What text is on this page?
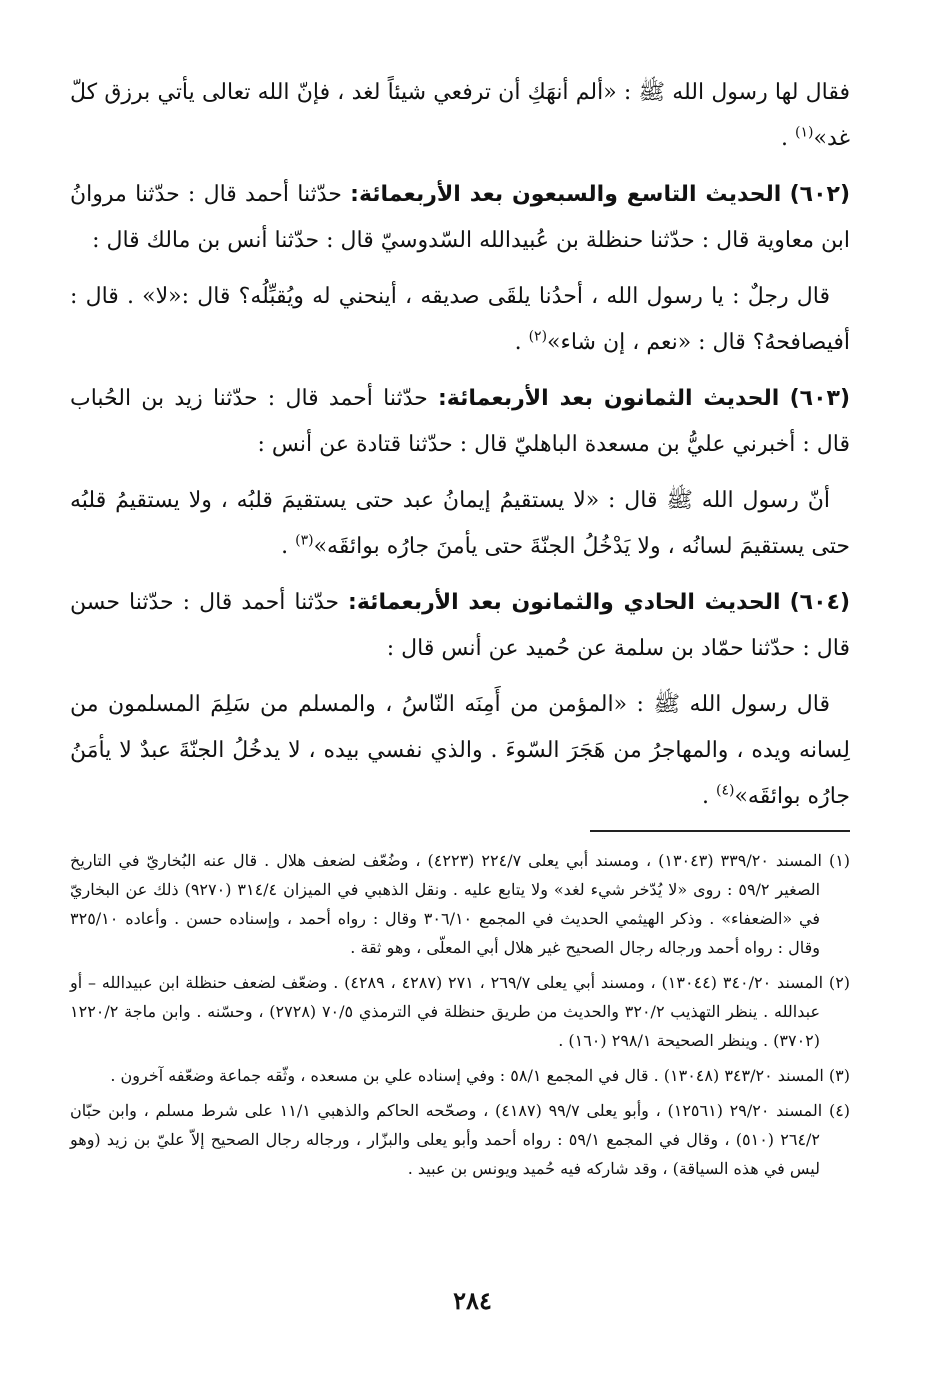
فقال لها رسول الله ﷺ : «ألم أنهَكِ أن ترفعي شيئاً لغد ، فإنّ الله تعالى يأتي برزق كلّ غد»$^{(١)}$ .

(٦٠٢) الحديث التاسع والسبعون بعد الأربعمائة: حدّثنا أحمد قال : حدّثنا مروانُ ابن معاوية قال : حدّثنا حنظلة بن عُبيدالله السّدوسيّ قال : حدّثنا أنس بن مالك قال :

قال رجلٌ : يا رسول الله ، أحدُنا يلقَى صديقه ، أينحني له ويُقبِّلُه؟ قال :«لا» . قال : أفيصافحهُ؟ قال : «نعم ، إن شاء»$^{(٢)}$ .

(٦٠٣) الحديث الثمانون بعد الأربعمائة: حدّثنا أحمد قال : حدّثنا زيد بن الحُباب قال : أخبرني عليُّ بن مسعدة الباهليّ قال : حدّثنا قتادة عن أنس :

أنّ رسول الله ﷺ قال : «لا يستقيمُ إيمانُ عبد حتى يستقيمَ قلبُه ، ولا يستقيمُ قلبُه حتى يستقيمَ لسانُه ، ولا يَدْخُلُ الجنّةَ حتى يأمنَ جارُه بوائقَه»$^{(٣)}$ .

(٦٠٤) الحديث الحادي والثمانون بعد الأربعمائة: حدّثنا أحمد قال : حدّثنا حسن قال : حدّثنا حمّاد بن سلمة عن حُميد عن أنس قال :

قال رسول الله ﷺ : «المؤمن من أَمِنَه النّاسُ ، والمسلم من سَلِمَ المسلمون من لِسانه ويده ، والمهاجرُ من هَجَرَ السّوءَ . والذي نفسي بيده ، لا يدخُلُ الجنّةَ عبدٌ لا يأمَنُ جارُه بوائقَه»$^{(٤)}$ .

(١) المسند ٣٣٩/٢٠ (١٣٠٤٣) ، ومسند أبي يعلى ٢٢٤/٧ (٤٢٢٣) ، وضُعّف لضعف هلال . قال عنه البُخاريّ في التاريخ الصغير ٥٩/٢ : روى «لا يُدّخر شيء لغد» ولا يتابع عليه . ونقل الذهبي في الميزان ٣١٤/٤ (٩٢٧٠) ذلك عن البخاريّ في «الضعفاء» . وذكر الهيثمي الحديث في المجمع ٣٠٦/١٠ وقال : رواه أحمد ، وإسناده حسن . وأعاده ٣٢٥/١٠ وقال : رواه أحمد ورجاله رجال الصحيح غير هلال أبي المعلّى ، وهو ثقة .

(٢) المسند ٣٤٠/٢٠ (١٣٠٤٤) ، ومسند أبي يعلى ٢٦٩/٧ ، ٢٧١ (٤٢٨٧ ، ٤٢٨٩) . وضعّف لضعف حنظلة ابن عبيدالله – أو عبدالله . ينظر التهذيب ٣٢٠/٢ والحديث من طريق حنظلة في الترمذي ٧٠/٥ (٢٧٢٨) ، وحسّنه . وابن ماجة ١٢٢٠/٢ (٣٧٠٢) . وينظر الصحيحة ٢٩٨/١ (١٦٠) .

(٣) المسند ٣٤٣/٢٠ (١٣٠٤٨) . قال في المجمع ٥٨/١ : وفي إسناده علي بن مسعده ، وثّقه جماعة وضعّفه آخرون .

(٤) المسند ٢٩/٢٠ (١٢٥٦١) ، وأبو يعلى ٩٩/٧ (٤١٨٧) ، وصحّحه الحاكم والذهبي ١١/١ على شرط مسلم ، وابن حبّان ٢٦٤/٢ (٥١٠) ، وقال في المجمع ٥٩/١ : رواه أحمد وأبو يعلى والبزّار ، ورجاله رجال الصحيح إلاّ عليّ بن زيد (وهو ليس في هذه السياقة) ، وقد شاركه فيه حُميد ويونس بن عبيد .

٢٨٤
